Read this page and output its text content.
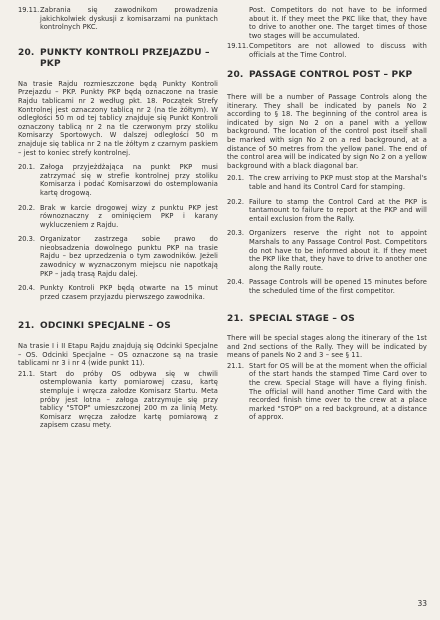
19.11. Zabrania się zawodnikom prowadzenia jakichkolwiek dyskusji z komisarzami na punktach kontrolnych PKC.
20. PUNKTY KONTROLI PRZEJAZDU – PKP
Na trasie Rajdu rozmieszczone będą Punkty Kontroli Przejazdu – PKP. Punkty PKP będą oznaczone na trasie Rajdu tablicami nr 2 według pkt. 18. Początek Strefy Kontrolnej jest oznaczony tablicą nr 2 (na tle żółtym). W odległości 50 m od tej tablicy znajduje się Punkt Kontroli oznaczony tablicą nr 2 na tle czerwonym przy stoliku Komisarzy Sportowych. W dalszej odległości 50 m znajduje się tablica nr 2 na tle żółtym z czarnym paskiem – jest to koniec strefy kontrolnej.
20.1. Załoga przyjeżdżająca na punkt PKP musi zatrzymać się w strefie kontrolnej przy stoliku Komisarza i podać Komisarzowi do ostemplowania kartę drogową.
20.2. Brak w karcie drogowej wizy z punktu PKP jest równoznaczny z ominięciem PKP i karany wykluczeniem z Rajdu.
20.3. Organizator zastrzega sobie prawo do nieobsadzenia dowolnego punktu PKP na trasie Rajdu – bez uprzedzenia o tym zawodników. Jeżeli zawodnicy w wyznaczonym miejscu nie napotkają PKP – jadą trasą Rajdu dalej.
20.4. Punkty Kontroli PKP będą otwarte na 15 minut przed czasem przyjazdu pierwszego zawodnika.
21. ODCINKI SPECJALNE – OS
Na trasie I i II Etapu Rajdu znajdują się Odcinki Specjalne – OS. Odcinki Specjalne – OS oznaczone są na trasie tablicami nr 3 i nr 4 (wide punkt 11).
21.1. Start do próby OS odbywa się w chwili ostemplowania karty pomiarowej czasu, kartę stempluje i wręcza załodze Komisarz Startu. Meta próby jest lotna – załoga zatrzymuje się przy tablicy "STOP" umieszczonej 200 m za linią Mety. Komisarz wręcza załodze kartę pomiarową z zapisem czasu mety.
Post. Competitors do not have to be informed about it. If they meet the PKC like that, they have to drive to another one. The target times of those two stages will be accumulated.
19.11. Competitors are not allowed to discuss with officials at the Time Control.
20. PASSAGE CONTROL POST – PKP
There will be a number of Passage Controls along the itinerary. They shall be indicated by panels No 2 according to § 18. The beginning of the control area is indicated by sign No 2 on a panel with a yellow background. The location of the control post itself shall be marked with sign No 2 on a red background, at a distance of 50 metres from the yellow panel. The end of the control area will be indicated by sign No 2 on a yellow background with a black diagonal bar.
20.1. The crew arriving to PKP must stop at the Marshal's table and hand its Control Card for stamping.
20.2. Failure to stamp the Control Card at the PKP is tantamount to failure to report at the PKP and will entail exclusion from the Rally.
20.3. Organizers reserve the right not to appoint Marshals to any Passage Control Post. Competitors do not have to be informed about it. If they meet the PKP like that, they have to drive to another one along the Rally route.
20.4. Passage Controls will be opened 15 minutes before the scheduled time of the first competitor.
21. SPECIAL STAGE – OS
There will be special stages along the itinerary of the 1st and 2nd sections of the Rally. They will be indicated by means of panels No 2 and 3 – see § 11.
21.1. Start for OS will be at the moment when the official of the start hands the stamped Time Card over to the crew. Special Stage will have a flying finish. The official will hand another Time Card with the recorded finish time over to the crew at a place marked "STOP" on a red background, at a distance of approx.
33
